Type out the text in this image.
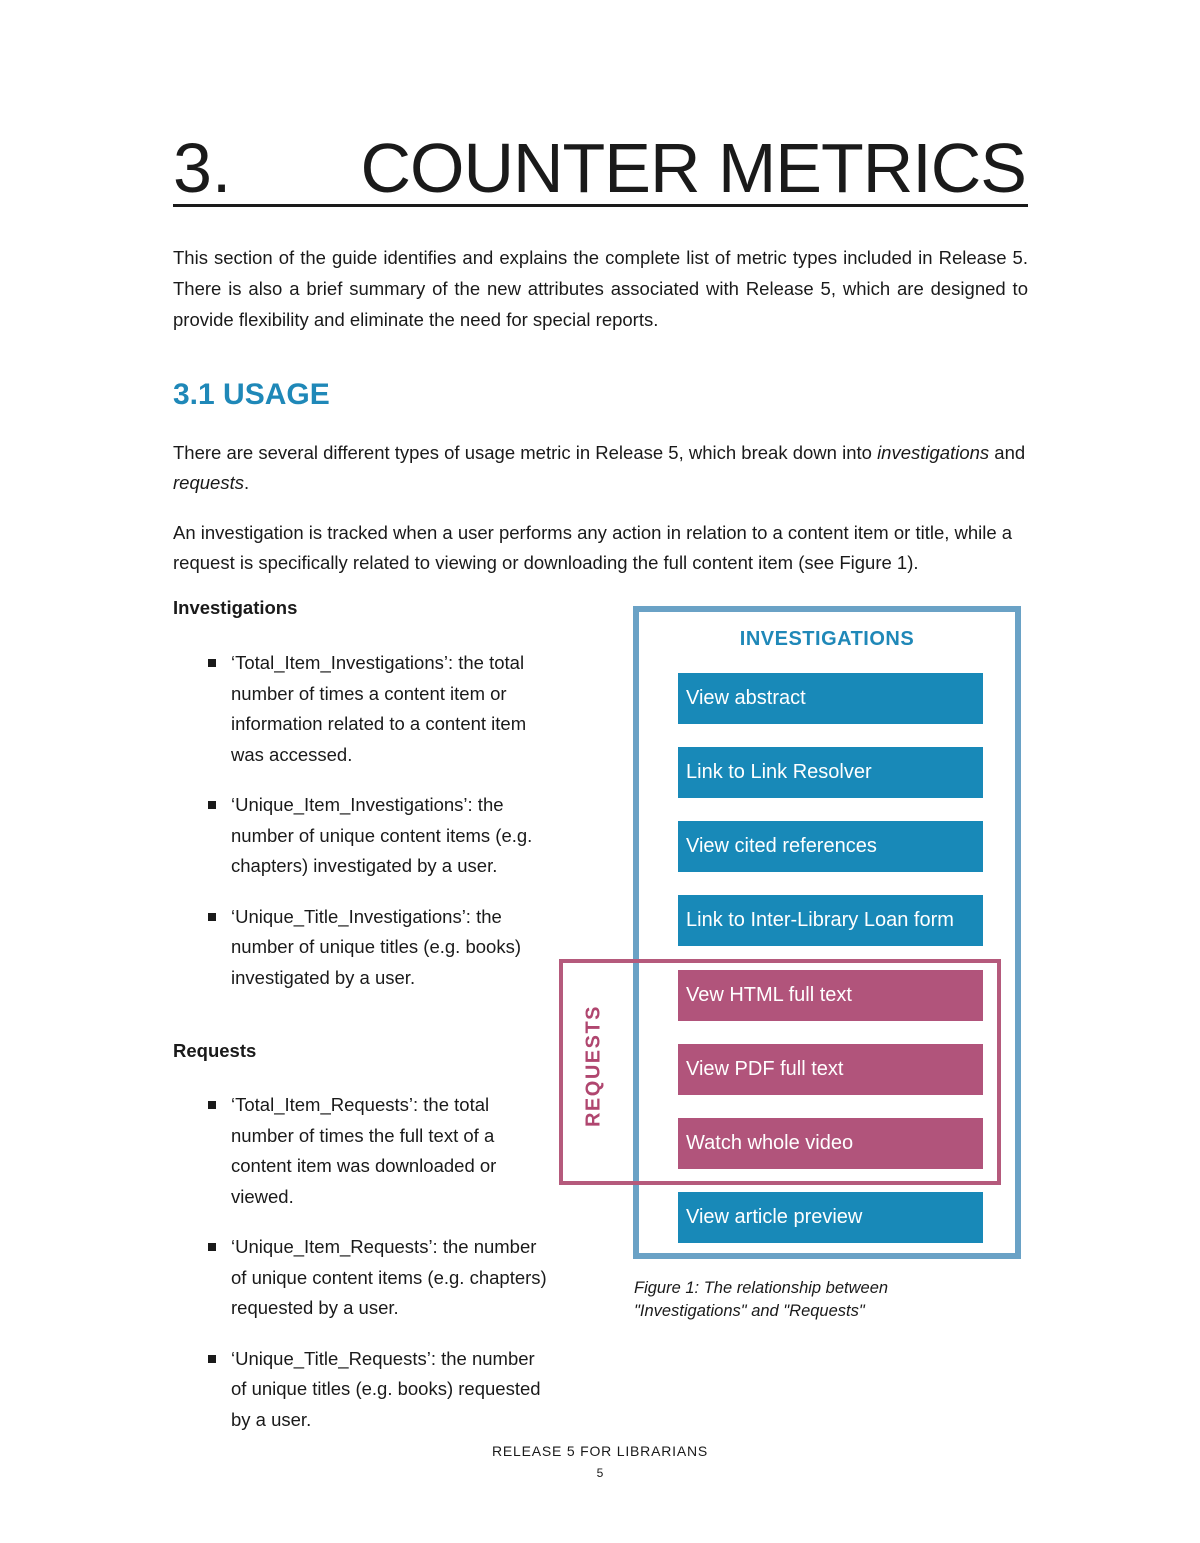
3. COUNTER METRICS

This section of the guide identifies and explains the complete list of metric types included in Release 5. There is also a brief summary of the new attributes associated with Release 5, which are designed to provide flexibility and eliminate the need for special reports.

3.1 USAGE

There are several different types of usage metric in Release 5, which break down into investigations and requests.

An investigation is tracked when a user performs any action in relation to a content item or title, while a request is specifically related to viewing or downloading the full content item (see Figure 1).

Investigations
‘Total_Item_Investigations’: the total number of times a content item or information related to a content item was accessed.
‘Unique_Item_Investigations’: the number of unique content items (e.g. chapters) investigated by a user.
‘Unique_Title_Investigations’: the number of unique titles (e.g. books) investigated by a user.
Requests
‘Total_Item_Requests’: the total number of times the full text of a content item was downloaded or viewed.
‘Unique_Item_Requests’: the number of unique content items (e.g. chapters) requested by a user.
‘Unique_Title_Requests’: the number of unique titles (e.g. books) requested by a user.
INVESTIGATIONS
REQUESTS
View abstract
Link to Link Resolver
View cited references
Link to Inter-Library Loan form
Vew HTML full text
View PDF full text
Watch whole video
View article preview

Figure 1: The relationship between
"Investigations" and "Requests"

RELEASE 5 FOR LIBRARIANS
5
